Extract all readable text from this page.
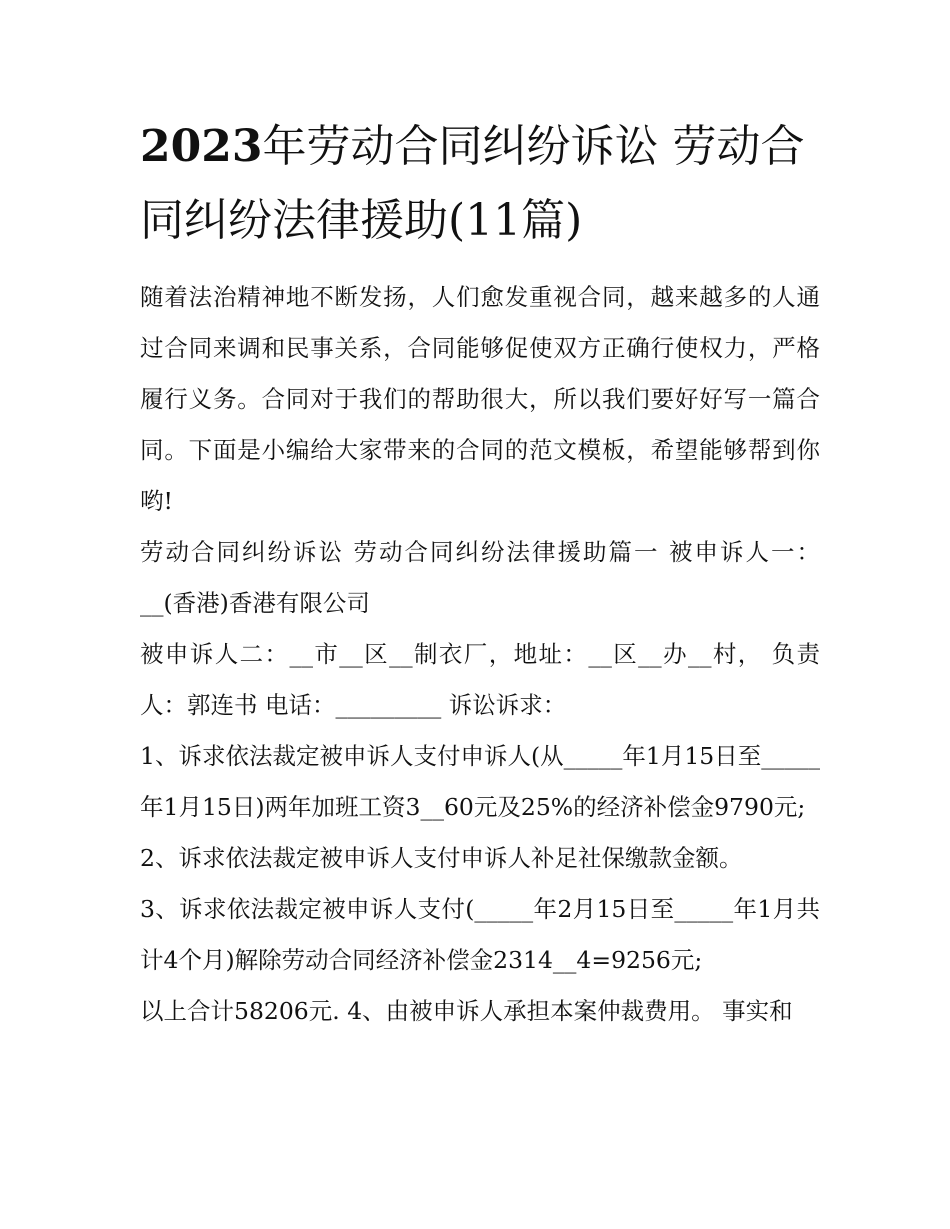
2023年劳动合同纠纷诉讼 劳动合同纠纷法律援助(11篇)

随着法治精神地不断发扬，人们愈发重视合同，越来越多的人通过合同来调和民事关系，合同能够促使双方正确行使权力，严格履行义务。合同对于我们的帮助很大，所以我们要好好写一篇合同。下面是小编给大家带来的合同的范文模板，希望能够帮到你哟!

劳动合同纠纷诉讼 劳动合同纠纷法律援助篇一 被申诉人一：__(香港)香港有限公司

被申诉人二：__市__区__制衣厂，地址：__区__办__村， 负责人：郭连书 电话：_________ 诉讼诉求：

1、诉求依法裁定被申诉人支付申诉人(从_____年1月15日至_____年1月15日)两年加班工资3__60元及25%的经济补偿金9790元;

2、诉求依法裁定被申诉人支付申诉人补足社保缴款金额。

3、诉求依法裁定被申诉人支付(_____年2月15日至_____年1月共计4个月)解除劳动合同经济补偿金2314__4=9256元;

以上合计58206元. 4、由被申诉人承担本案仲裁费用。 事实和
